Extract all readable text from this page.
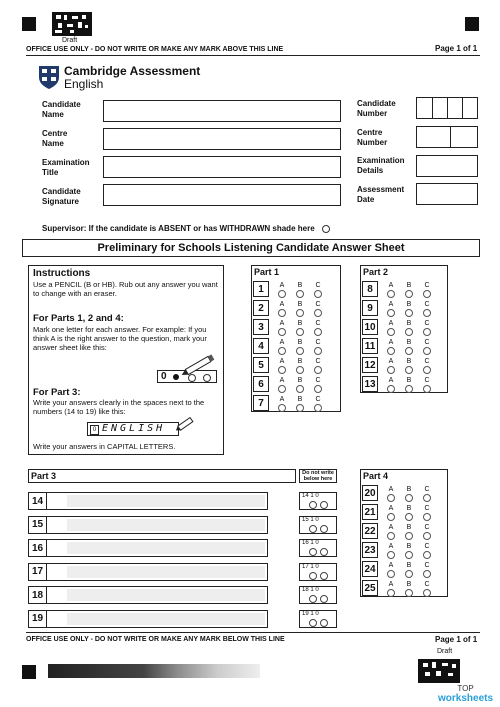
Draft
OFFICE USE ONLY - DO NOT WRITE OR MAKE ANY MARK ABOVE THIS LINE	Page 1 of 1
Cambridge Assessment
English
Candidate
Name
Centre
Name
Examination
Title
Candidate
Signature
Candidate
Number
Centre
Number
Examination
Details
Assessment
Date
Supervisor: If the candidate is ABSENT or has WITHDRAWN shade here
Preliminary for Schools Listening Candidate Answer Sheet
Instructions
Use a PENCIL (B or HB). Rub out any answer you want to change with an eraser.
For Parts 1, 2 and 4:
Mark one letter for each answer. For example: If you think A is the right answer to the question, mark your answer sheet like this:
0
For Part 3:
Write your answers clearly in the spaces next to the numbers (14 to 19) like this:
0 ENGLISH
Write your answers in CAPITAL LETTERS.
Part 1
1	A	B	C
2	A	B	C
3	A	B	C
4	A	B	C
5	A	B	C
6	A	B	C
7	A	B	C
Part 2
8	A	B	C
9	A	B	C
10	A	B	C
11	A	B	C
12	A	B	C
13	A	B	C
Part 3	Do not write below here
14	14 1 0
15	15 1 0
16	16 1 0
17	17 1 0
18	18 1 0
19	19 1 0
Part 4
20	A	B	C
21	A	B	C
22	A	B	C
23	A	B	C
24	A	B	C
25	A	B	C
OFFICE USE ONLY - DO NOT WRITE OR MAKE ANY MARK BELOW THIS LINE	Page 1 of 1
Draft
TOP
worksheets
